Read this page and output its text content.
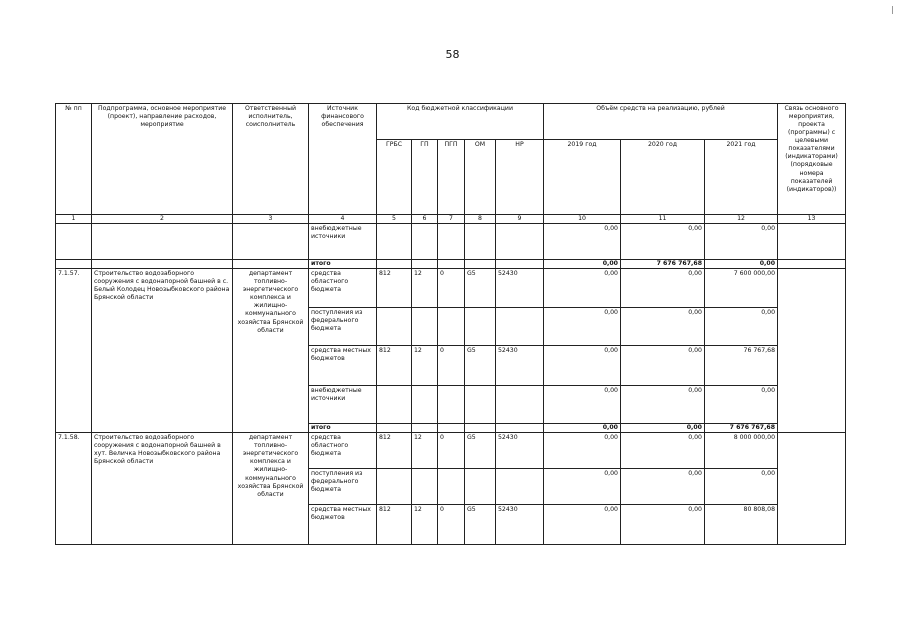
58
№ пп	Подпрограмма, основное мероприятие (проект), направление расходов, мероприятие	Ответственный исполнитель, соисполнитель	Источник финансового обеспечения	Код бюджетной классификации					Объём средств на реализацию, рублей			Связь основного мероприятия, проекта (программы) с целевыми показателями (индикаторами) (порядковые номера показателей (индикаторов))
				ГРБС	ГП	ПГП	ОМ	НР	2019 год	2020 год	2021 год	
1	2	3	4	5	6	7	8	9	10	11	12	13
			внебюджетные источники						0,00	0,00	0,00	
			итого						0,00	7 676 767,68	0,00	
7.1.57.	Строительство водозаборного сооружения с водонапорной башней в с. Белый Колодец Новозыбковского района Брянской области	департамент топливно-энергетического комплекса и жилищно-коммунального хозяйства Брянской области	средства областного бюджета	812	12	0	G5	52430	0,00	0,00	7 600 000,00	
			поступления из федерального бюджета						0,00	0,00	0,00	
			средства местных бюджетов	812	12	0	G5	52430	0,00	0,00	76 767,68	
			внебюджетные источники						0,00	0,00	0,00	
			итого						0,00	0,00	7 676 767,68	
7.1.58.	Строительство водозаборного сооружения с водонапорной башней в хут. Величка Новозыбковского района Брянской области	департамент топливно-энергетического комплекса и жилищно-коммунального хозяйства Брянской области	средства областного бюджета	812	12	0	G5	52430	0,00	0,00	8 000 000,00	
			поступления из федерального бюджета						0,00	0,00	0,00	
			средства местных бюджетов	812	12	0	G5	52430	0,00	0,00	80 808,08	
